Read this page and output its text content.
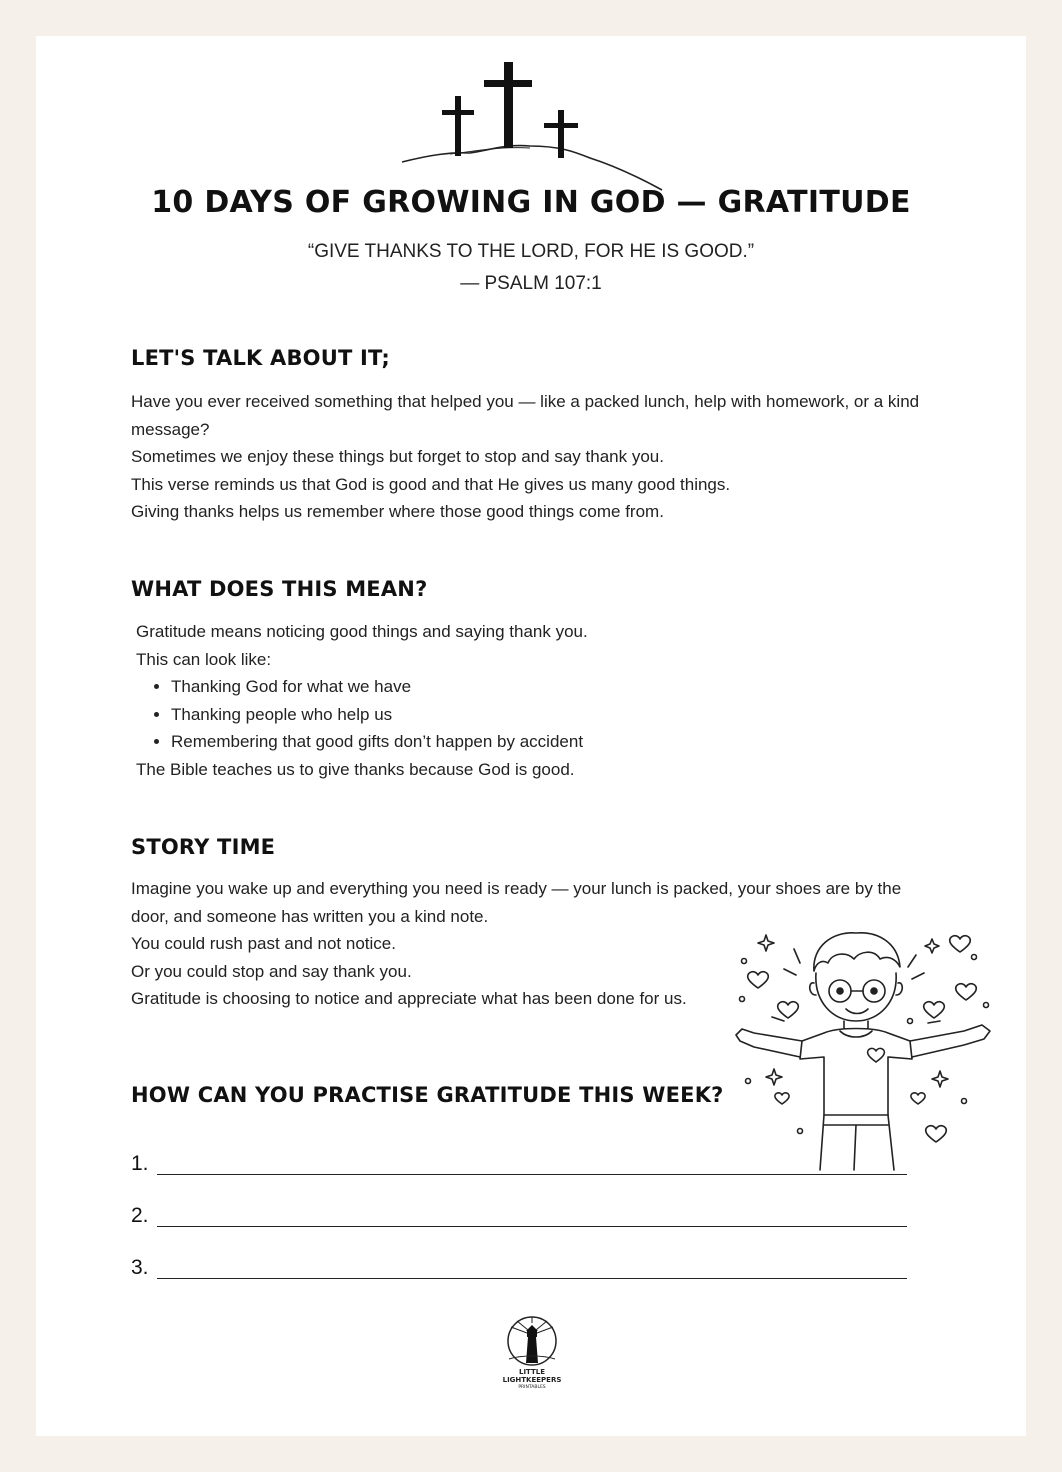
10 DAYS OF GROWING IN GOD — GRATITUDE
“GIVE THANKS TO THE LORD, FOR HE IS GOOD.”
— PSALM 107:1
LET'S TALK ABOUT IT;

Have you ever received something that helped you — like a packed lunch, help with homework, or a kind message?

Sometimes we enjoy these things but forget to stop and say thank you.

This verse reminds us that God is good and that He gives us many good things.

Giving thanks helps us remember where those good things come from.

WHAT DOES THIS MEAN?

Gratitude means noticing good things and saying thank you.

This can look like:

• Thanking God for what we have
• Thanking people who help us
• Remembering that good gifts don’t happen by accident

The Bible teaches us to give thanks because God is good.

STORY TIME

Imagine you wake up and everything you need is ready — your lunch is packed, your shoes are by the door, and someone has written you a kind note.

You could rush past and not notice.

Or you could stop and say thank you.

Gratitude is choosing to notice and appreciate what has been done for us.

HOW CAN YOU PRACTISE GRATITUDE THIS WEEK?
1.
2.
3.
LITTLE
LIGHTKEEPERS
PRINTABLES
